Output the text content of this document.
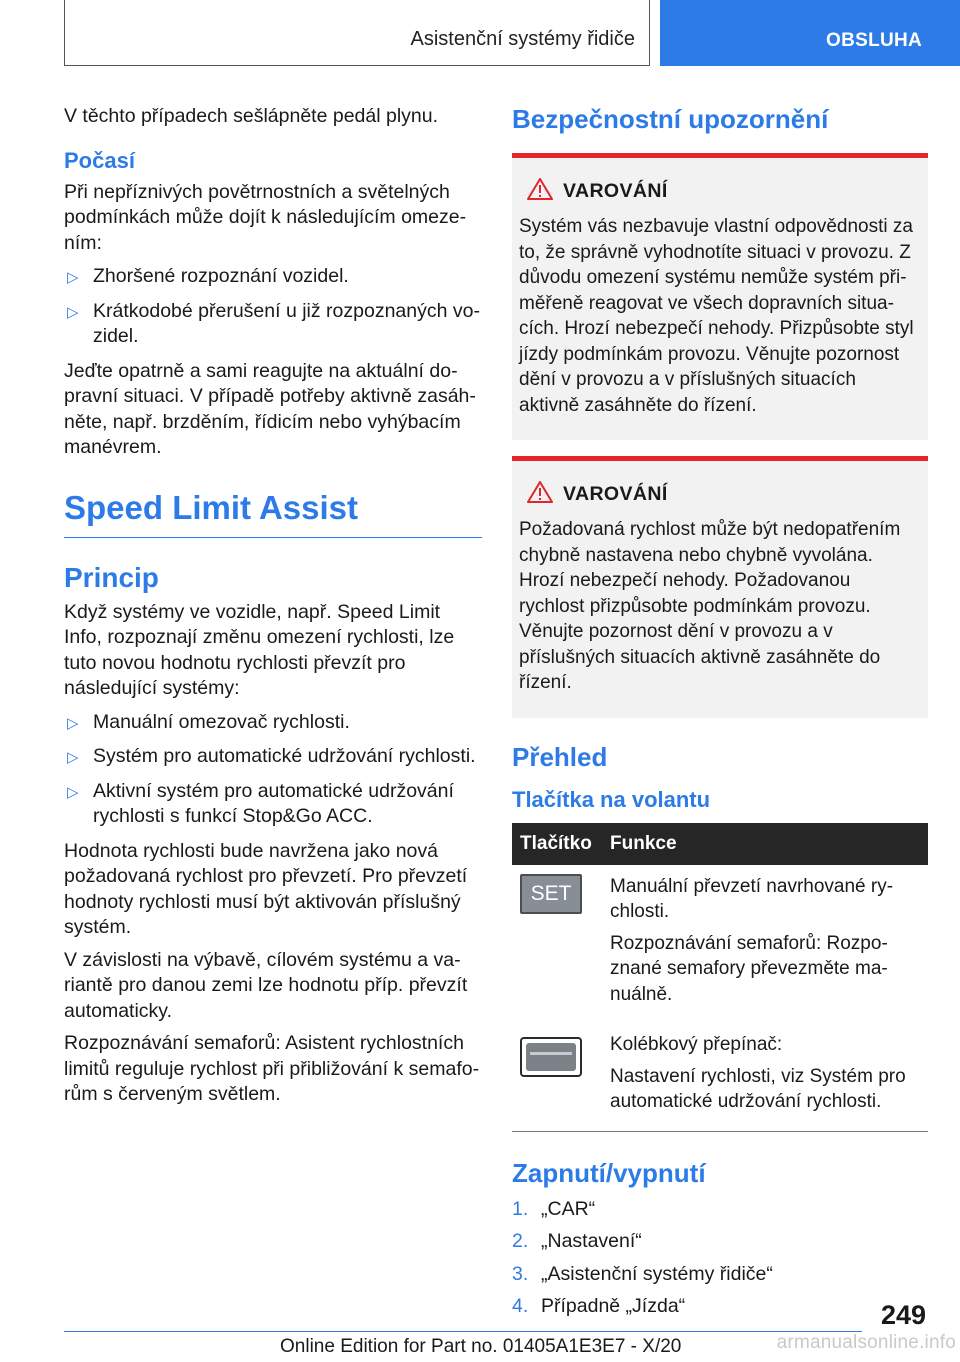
Asistenční systémy řidiče	OBSLUHA

V těchto případech sešlápněte pedál plynu.

Počasí

Při nepříznivých povětrnostních a světelných podmínkách může dojít k následujícím omezením:

▷ Zhoršené rozpoznání vozidel.
▷ Krátkodobé přerušení u již rozpoznaných vozidel.

Jeďte opatrně a sami reagujte na aktuální dopravní situaci. V případě potřeby aktivně zasáhněte, např. brzděním, řídicím nebo vyhýbacím manévrem.

Speed Limit Assist
Princip

Když systémy ve vozidle, např. Speed Limit Info, rozpoznají změnu omezení rychlosti, lze tuto novou hodnotu rychlosti převzít pro následující systémy:

▷ Manuální omezovač rychlosti.
▷ Systém pro automatické udržování rychlosti.
▷ Aktivní systém pro automatické udržování rychlosti s funkcí Stop&Go ACC.

Hodnota rychlosti bude navržena jako nová požadovaná rychlost pro převzetí. Pro převzetí hodnoty rychlosti musí být aktivován příslušný systém.

V závislosti na výbavě, cílovém systému a variantě pro danou zemi lze hodnotu příp. převzít automaticky.

Rozpoznávání semaforů: Asistent rychlostních limitů reguluje rychlost při přibližování k semaforům s červeným světlem.

Bezpečnostní upozornění
VAROVÁNÍ

Systém vás nezbavuje vlastní odpovědnosti za to, že správně vyhodnotíte situaci v provozu. Z důvodu omezení systému nemůže systém přiměřeně reagovat ve všech dopravních situacích. Hrozí nebezpečí nehody. Přizpůsobte styl jízdy podmínkám provozu. Věnujte pozornost dění v provozu a v příslušných situacích aktivně zasáhněte do řízení.

VAROVÁNÍ

Požadovaná rychlost může být nedopatřením chybně nastavena nebo chybně vyvolána. Hrozí nebezpečí nehody. Požadovanou rychlost přizpůsobte podmínkám provozu. Věnujte pozornost dění v provozu a v příslušných situacích aktivně zasáhněte do řízení.

Přehled
Tlačítka na volantu
Tlačítko	Funkce

SET	Manuální převzetí navrhované rychlosti.

Rozpoznávání semaforů: Rozpoznané semafory převezměte manuálně.

	Kolébkový přepínač:

Nastavení rychlosti, viz Systém pro automatické udržování rychlosti.

Zapnutí/vypnutí
1. „CAR“
2. „Nastavení“
3. „Asistenční systémy řidiče“
4. Případně „Jízda“	249
Online Edition for Part no. 01405A1E3E7 - X/20	armanualsonline.info
